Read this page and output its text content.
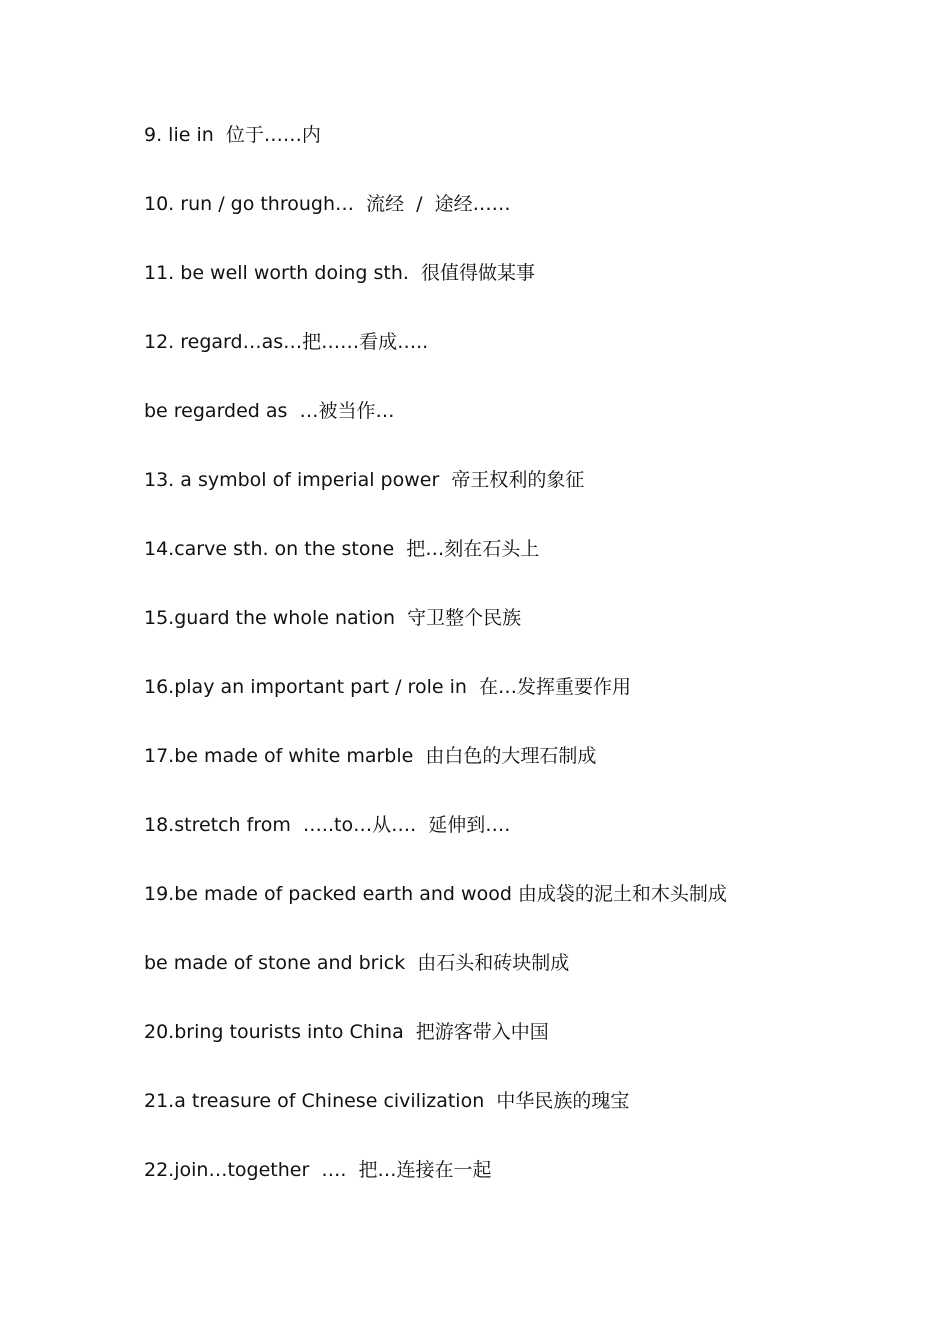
9. lie in  位于……内
10. run / go through…  流经  /  途经……
11. be well worth doing sth.  很值得做某事
12. regard…as…把……看成…..
be regarded as  …被当作…
13. a symbol of imperial power  帝王权利的象征
14.carve sth. on the stone  把…刻在石头上
15.guard the whole nation  守卫整个民族
16.play an important part / role in  在…发挥重要作用
17.be made of white marble  由白色的大理石制成
18.stretch from  …..to…从….  延伸到….
19.be made of packed earth and wood 由成袋的泥土和木头制成
be made of stone and brick  由石头和砖块制成
20.bring tourists into China  把游客带入中国
21.a treasure of Chinese civilization  中华民族的瑰宝
22.join…together  ….  把…连接在一起
